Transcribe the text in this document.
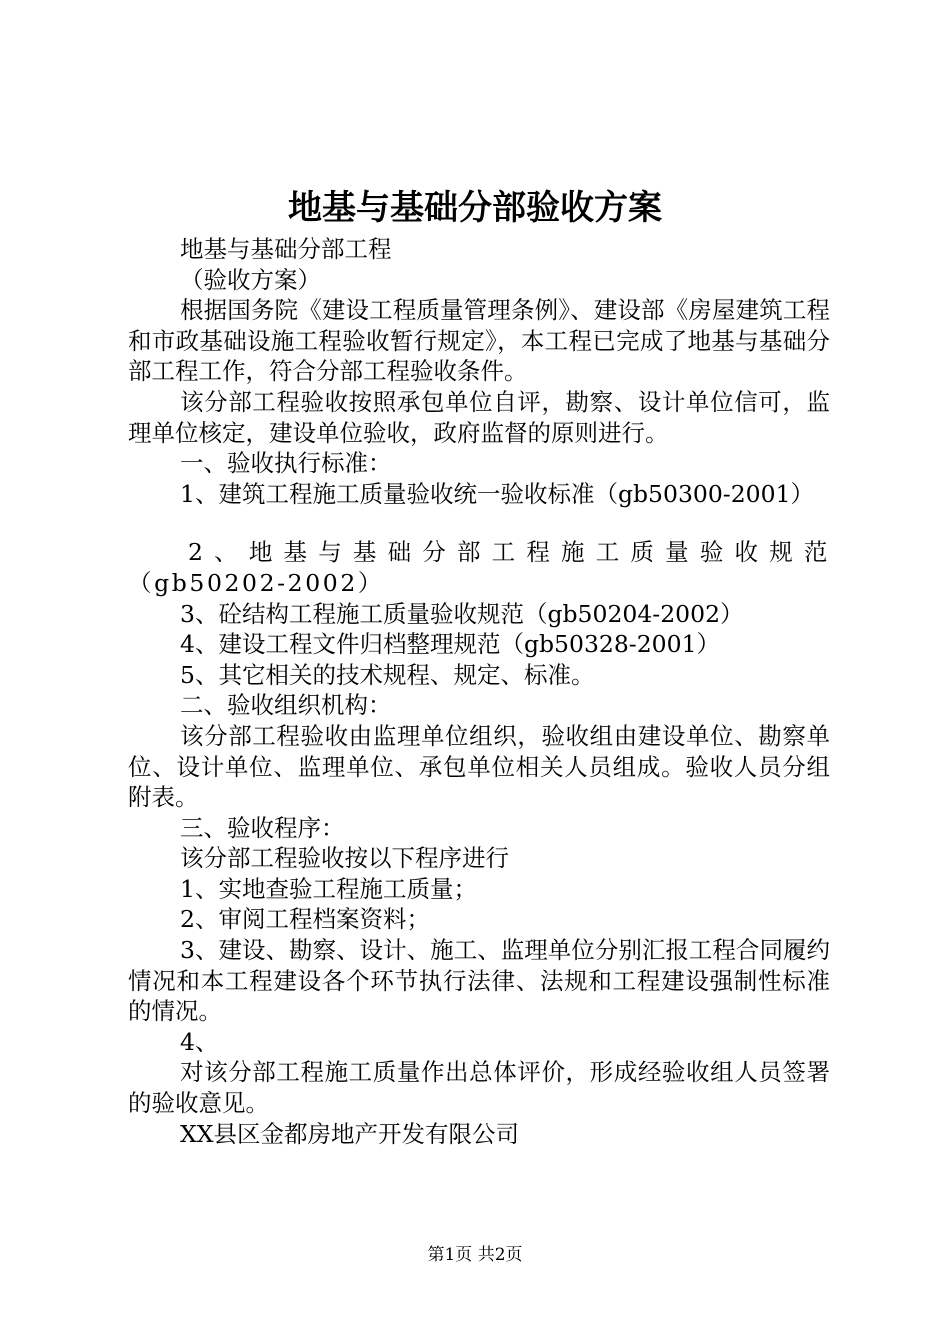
地基与基础分部验收方案

地基与基础分部工程

（验收方案）

根据国务院《建设工程质量管理条例》、建设部《房屋建筑工程和市政基础设施工程验收暂行规定》，本工程已完成了地基与基础分部工程工作，符合分部工程验收条件。

该分部工程验收按照承包单位自评，勘察、设计单位信可，监理单位核定，建设单位验收，政府监督的原则进行。

一、验收执行标准：

1、建筑工程施工质量验收统一验收标准（gb50300-2001）

2、地基与基础分部工程施工质量验收规范（gb50202-2002）

3、砼结构工程施工质量验收规范（gb50204-2002）

4、建设工程文件归档整理规范（gb50328-2001）

5、其它相关的技术规程、规定、标准。

二、验收组织机构：

该分部工程验收由监理单位组织，验收组由建设单位、勘察单位、设计单位、监理单位、承包单位相关人员组成。验收人员分组附表。

三、验收程序：

该分部工程验收按以下程序进行

1、实地查验工程施工质量；

2、审阅工程档案资料；

3、建设、勘察、设计、施工、监理单位分别汇报工程合同履约情况和本工程建设各个环节执行法律、法规和工程建设强制性标准的情况。

4、

对该分部工程施工质量作出总体评价，形成经验收组人员签署的验收意见。

XX县区金都房地产开发有限公司

第1页 共2页
